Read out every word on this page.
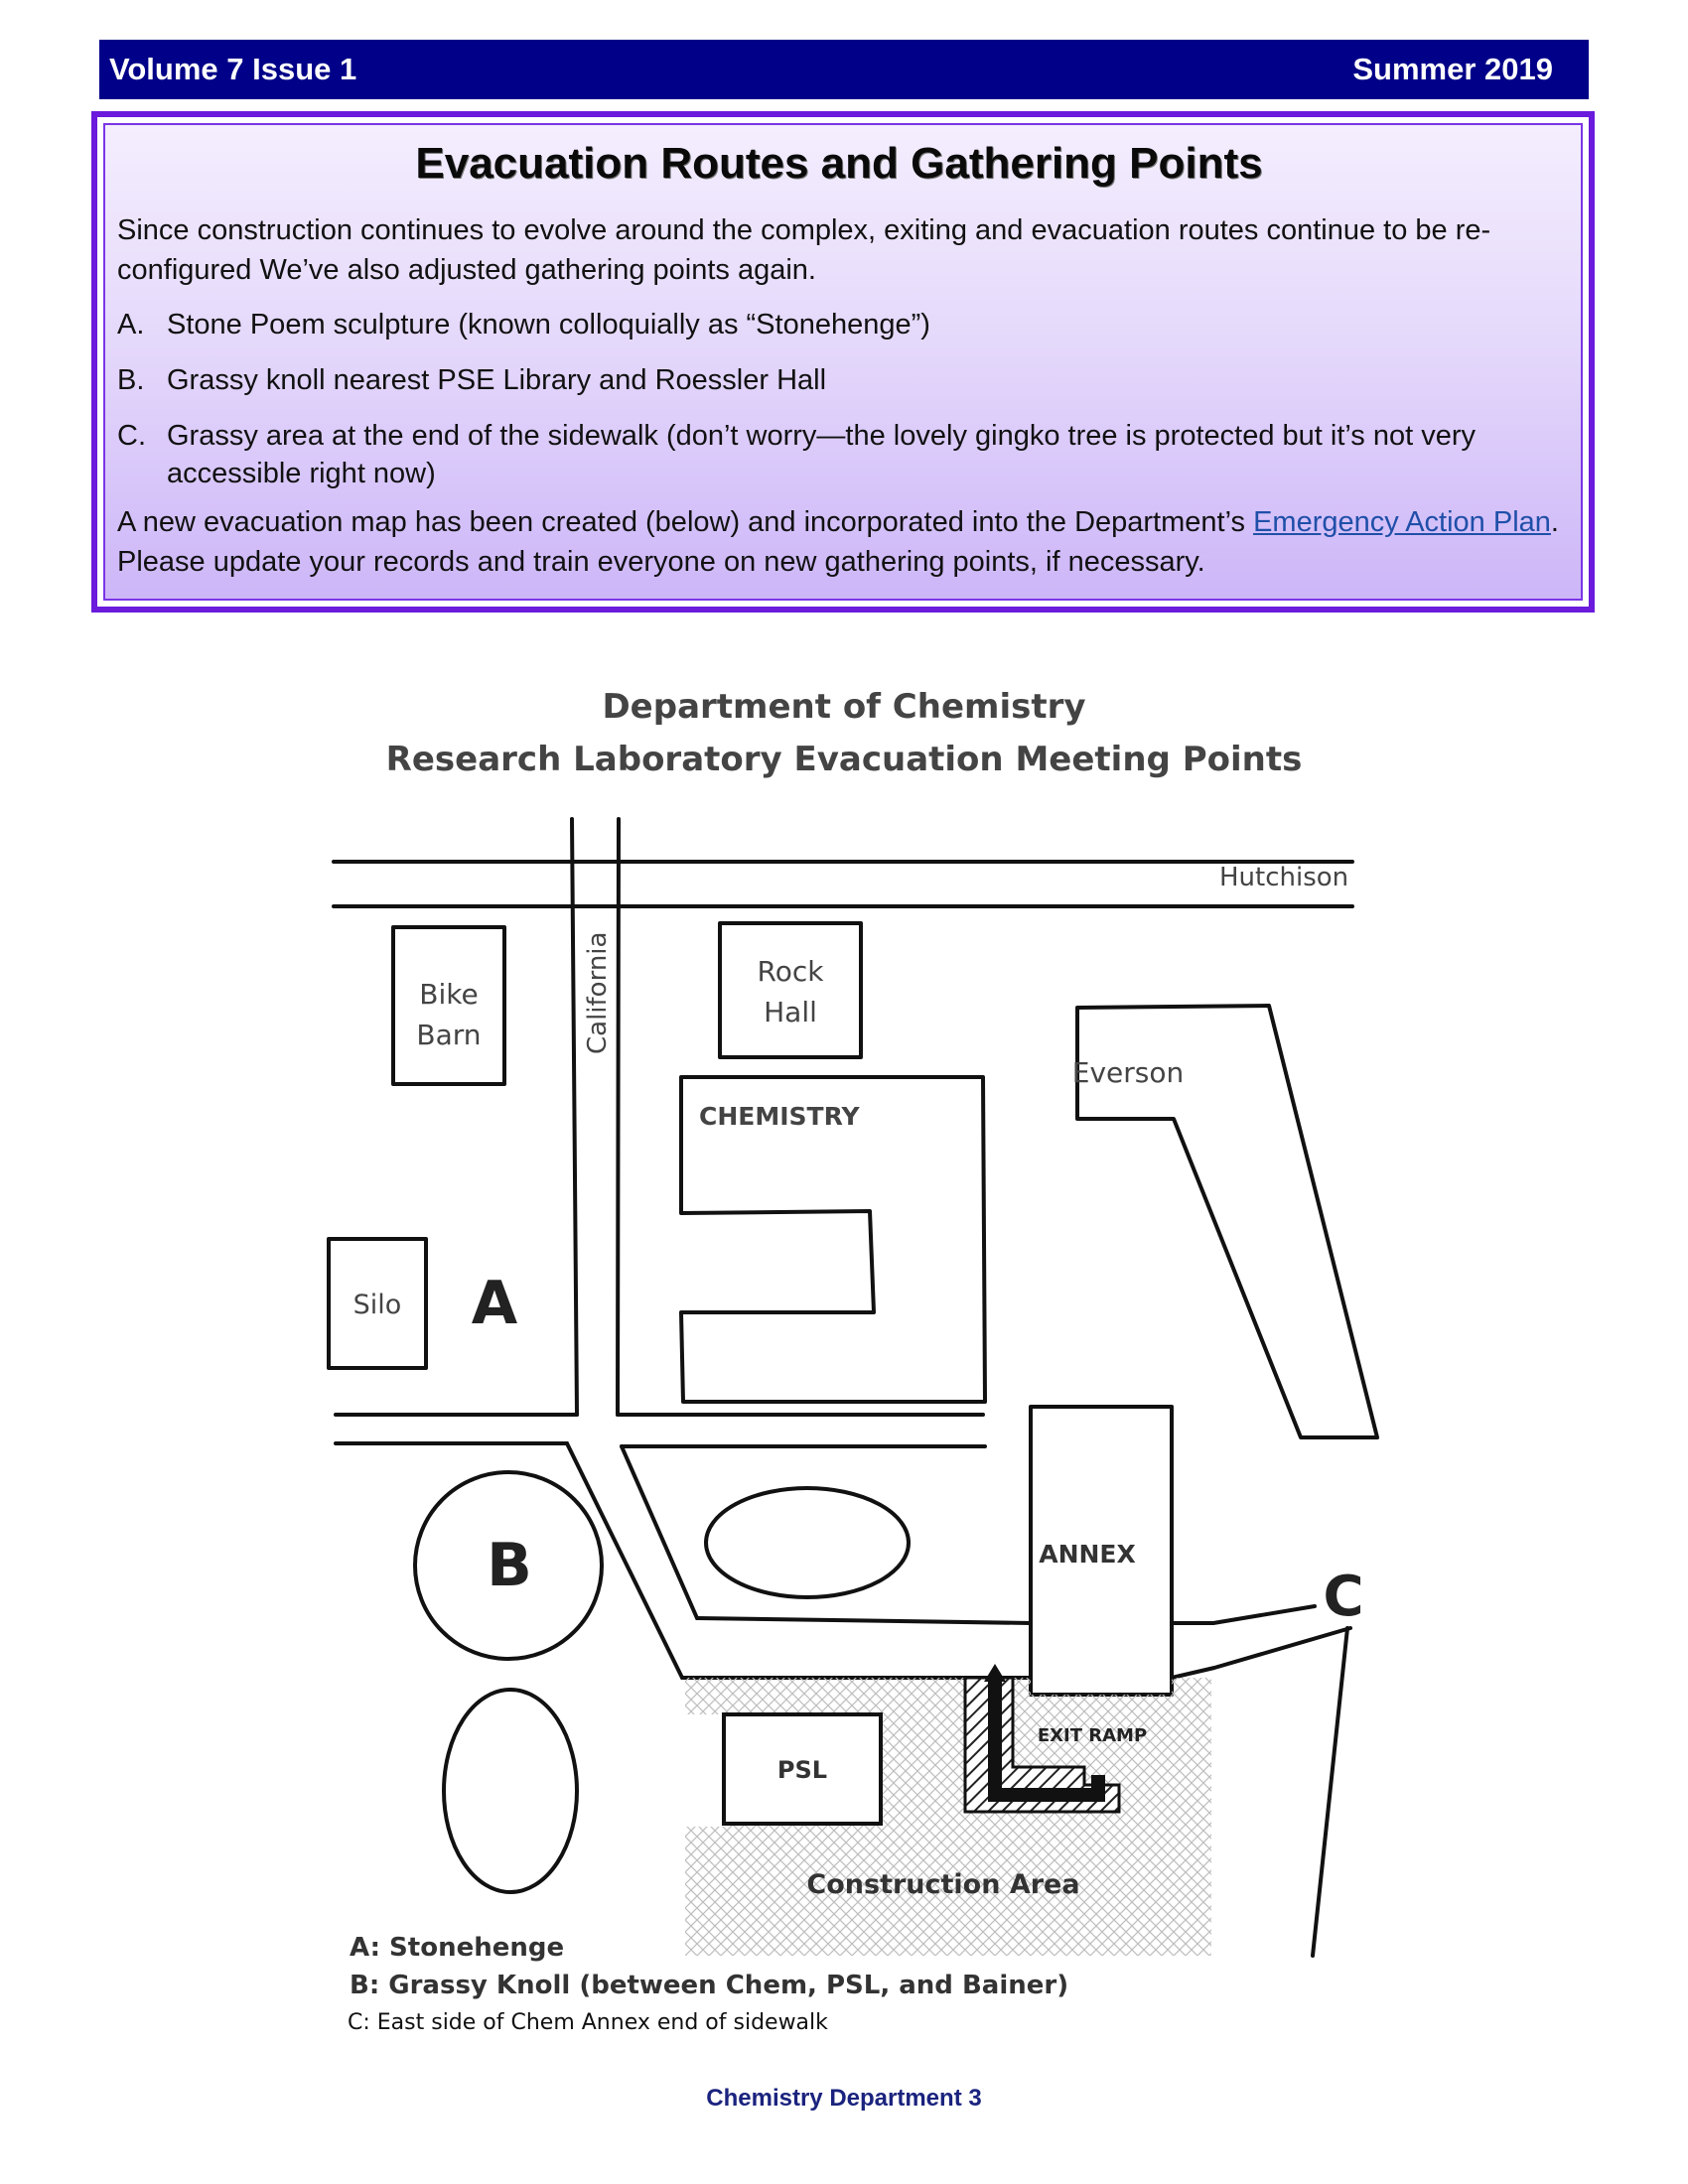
Volume 7 Issue 1	Summer 2019
Evacuation Routes and Gathering Points

Since construction continues to evolve around the complex, exiting and evacuation routes continue to be re-configured We’ve also adjusted gathering points again.

A. Stone Poem sculpture (known colloquially as “Stonehenge”)
B. Grassy knoll nearest PSE Library and Roessler Hall
C. Grassy area at the end of the sidewalk (don’t worry—the lovely gingko tree is protected but it’s not very accessible right now)

A new evacuation map has been created (below) and incorporated into the Department’s Emergency Action Plan. Please update your records and train everyone on new gathering points, if necessary.

Department of Chemistry
Research Laboratory Evacuation Meeting Points
Hutchison
California
Bike
Barn
Rock
Hall
CHEMISTRY
Everson
Silo
ANNEX
EXIT RAMP
PSL
Construction Area
A
B	C
A: Stonehenge
B: Grassy Knoll (between Chem, PSL, and Bainer)
C: East side of Chem Annex end of sidewalk
Chemistry Department 3
